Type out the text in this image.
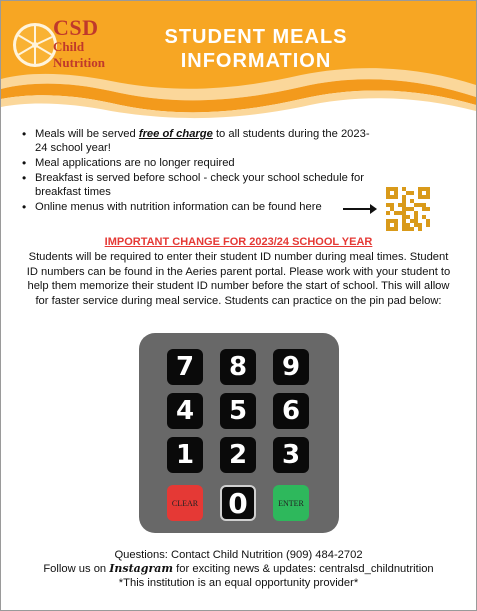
CSD
Child
Nutrition
STUDENT MEALS
INFORMATION
• Meals will be served free of charge to all students during the 2023-24 school year!
• Meal applications are no longer required
• Breakfast is served before school - check your school schedule for breakfast times
• Online menus with nutrition information can be found here
IMPORTANT CHANGE FOR 2023/24 SCHOOL YEAR
Students will be required to enter their student ID number during meal times. Student ID numbers can be found in the Aeries parent portal. Please work with your student to help them memorize their student ID number before the start of school. This will allow for faster service during meal service. Students can practice on the pin pad below:
7	8	9
4	5	6
1	2	3
CLEAR 0	ENTER
Questions: Contact Child Nutrition (909) 484-2702
Follow us on Instagram for exciting news & updates: centralsd_childnutrition
*This institution is an equal opportunity provider*
